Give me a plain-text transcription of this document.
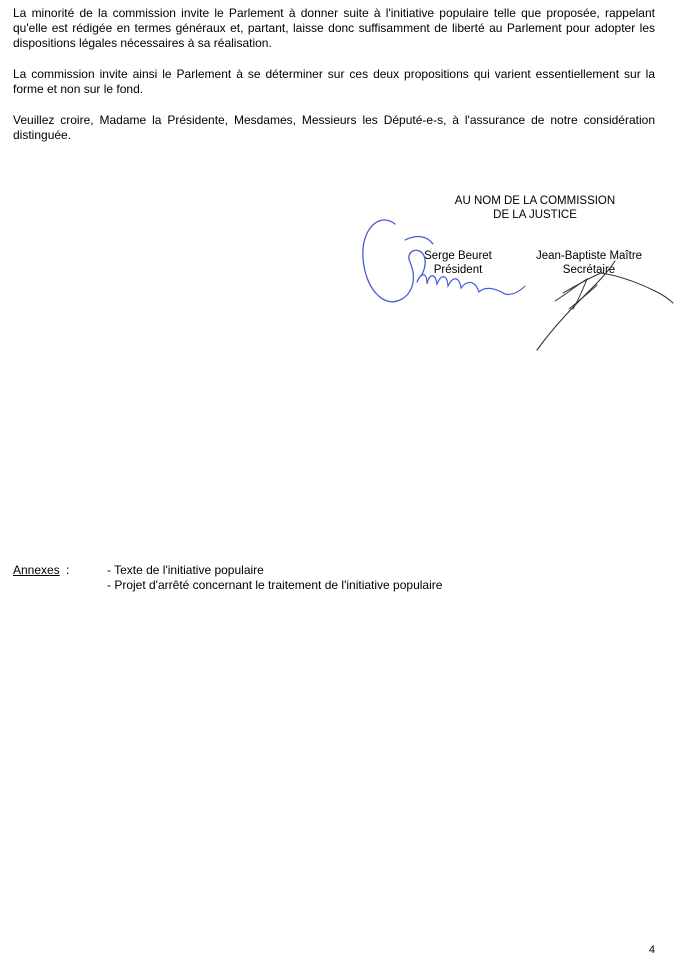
La minorité de la commission invite le Parlement à donner suite à l'initiative populaire telle que proposée, rappelant qu'elle est rédigée en termes généraux et, partant, laisse donc suffisamment de liberté au Parlement pour adopter les dispositions légales nécessaires à sa réalisation.

La commission invite ainsi le Parlement à se déterminer sur ces deux propositions qui varient essentiellement sur la forme et non sur le fond.

Veuillez croire, Madame la Présidente, Mesdames, Messieurs les Député-e-s, à l'assurance de notre considération distinguée.

AU NOM DE LA COMMISSION
DE LA JUSTICE
Serge Beuret
Président
Jean-Baptiste Maître
Secrétaire
Annexes :	- Texte de l'initiative populaire
- Projet d'arrêté concernant le traitement de l'initiative populaire
4
